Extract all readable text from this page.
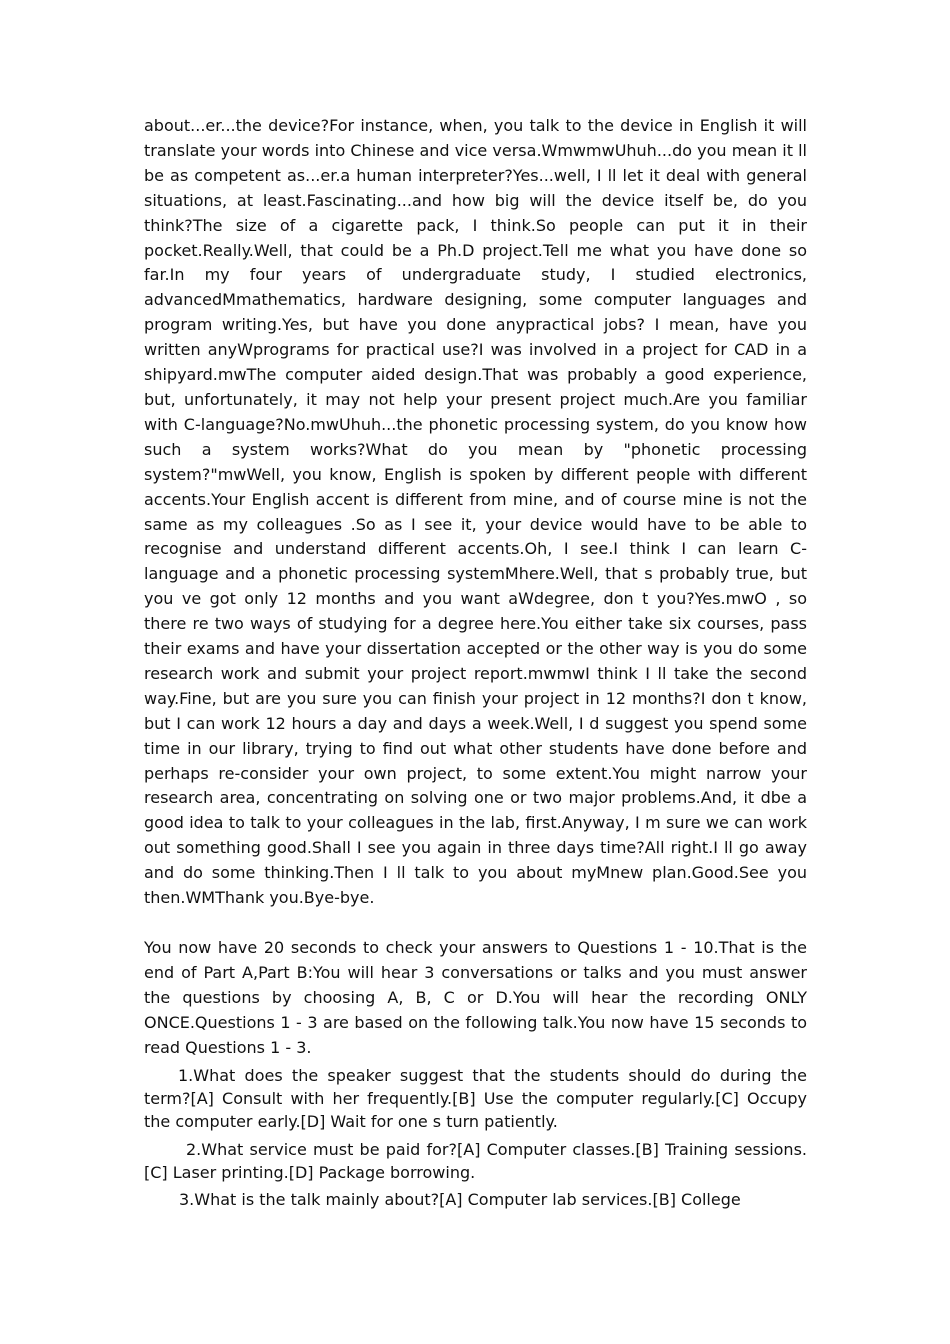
about...er...the device?For instance, when, you talk to the device in English it will translate your words into Chinese and vice versa.WmwmwUhuh...do you mean it ll be as competent as...er.a human interpreter?Yes...well, I ll let it deal with general situations, at least.Fascinating...and how big will the device itself be, do you think?The size of a cigarette pack, I think.So people can put it in their pocket.Really.Well, that could be a Ph.D project.Tell me what you have done so far.In my four years of undergraduate study, I studied electronics, advancedMmathematics, hardware designing, some computer languages and program writing.Yes, but have you done anypractical jobs? I mean, have you written anyWprograms for practical use?I was involved in a project for CAD in a shipyard.mwThe computer aided design.That was probably a good experience, but, unfortunately, it may not help your present project much.Are you familiar with C-language?No.mwUhuh...the phonetic processing system, do you know how such a system works?What do you mean by "phonetic processing system?"mwWell, you know, English is spoken by different people with different accents.Your English accent is different from mine, and of course mine is not the same as my colleagues .So as I see it, your device would have to be able to recognise and understand different accents.Oh, I see.I think I can learn C-language and a phonetic processing systemMhere.Well, that s probably true, but you ve got only 12 months and you want aWdegree, don t you?Yes.mwO , so there re two ways of studying for a degree here.You either take six courses, pass their exams and have your dissertation accepted or the other way is you do some research work and submit your project report.mwmwI think I ll take the second way.Fine, but are you sure you can finish your project in 12 months?I don t know, but I can work 12 hours a day and days a week.Well, I d suggest you spend some time in our library, trying to find out what other students have done before and perhaps re-consider your own project, to some extent.You might narrow your research area, concentrating on solving one or two major problems.And, it dbe a good idea to talk to your colleagues in the lab, first.Anyway, I m sure we can work out something good.Shall I see you again in three days time?All right.I ll go away and do some thinking.Then I ll talk to you about myMnew plan.Good.See you then.WMThank you.Bye-bye.

You now have 20 seconds to check your answers to Questions 1 - 10.That is the end of Part A,Part B:You will hear 3 conversations or talks and you must answer the questions by choosing A, B, C or D.You will hear the recording ONLY ONCE.Questions 1 - 3 are based on the following talk.You now have 15 seconds to read Questions 1 - 3.

1.What does the speaker suggest that the students should do during the term?[A] Consult with her frequently.[B] Use the computer regularly.[C] Occupy the computer early.[D] Wait for one s turn patiently.

2.What service must be paid for?[A] Computer classes.[B] Training sessions.[C] Laser printing.[D] Package borrowing.

3.What is the talk mainly about?[A] Computer lab services.[B] College
